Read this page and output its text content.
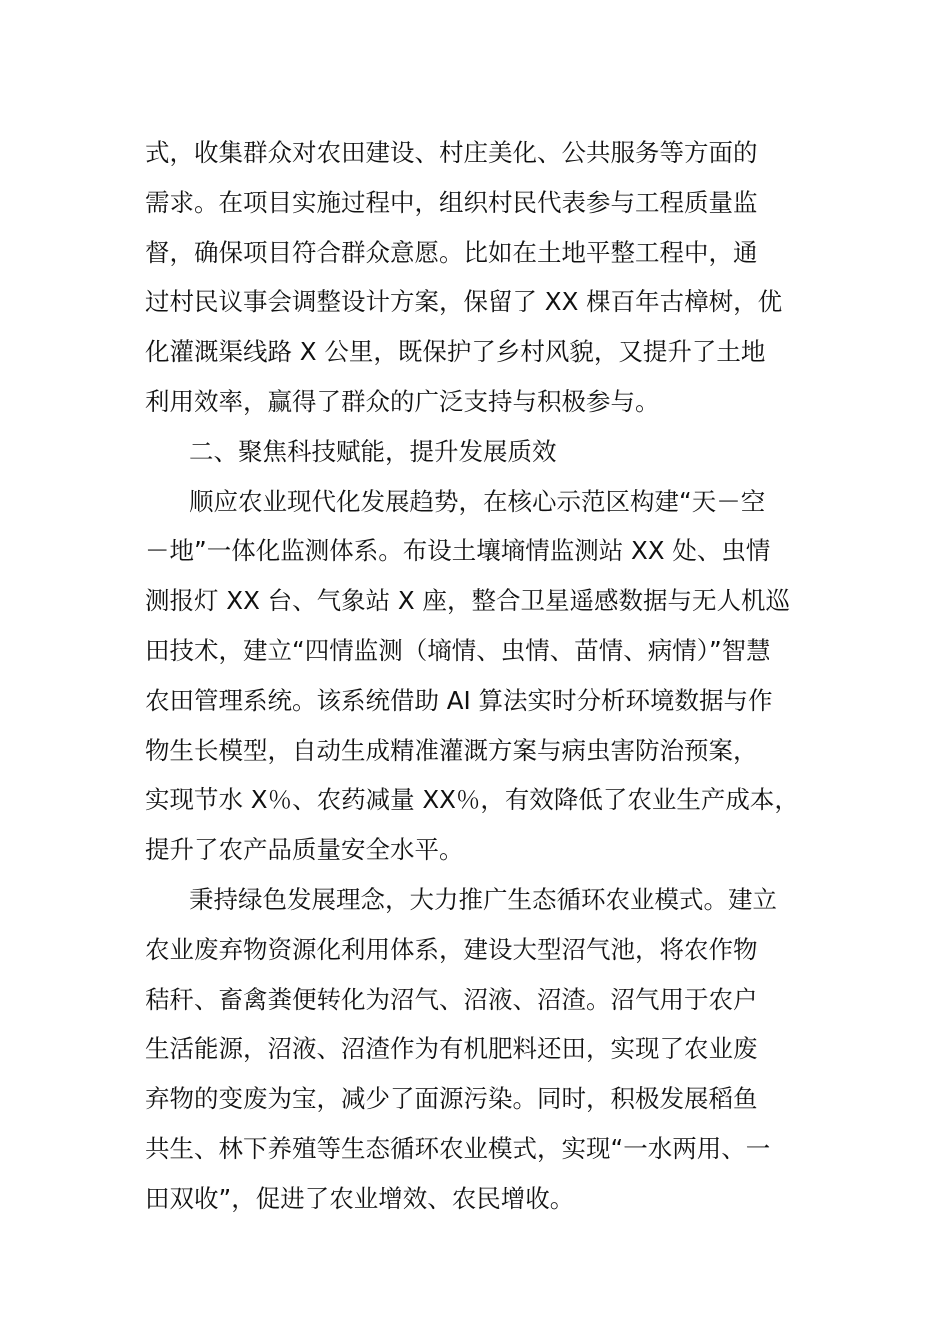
式，收集群众对农田建设、村庄美化、公共服务等方面的
需求。在项目实施过程中，组织村民代表参与工程质量监
督，确保项目符合群众意愿。比如在土地平整工程中，通
过村民议事会调整设计方案，保留了 XX 棵百年古樟树，优
化灌溉渠线路 X 公里，既保护了乡村风貌，又提升了土地
利用效率，赢得了群众的广泛支持与积极参与。
二、聚焦科技赋能，提升发展质效
顺应农业现代化发展趋势，在核心示范区构建“天－空
－地”一体化监测体系。布设土壤墒情监测站 XX 处、虫情
测报灯 XX 台、气象站 X 座，整合卫星遥感数据与无人机巡
田技术，建立“四情监测（墒情、虫情、苗情、病情）”智慧
农田管理系统。该系统借助 AI 算法实时分析环境数据与作
物生长模型，自动生成精准灌溉方案与病虫害防治预案，
实现节水 X％、农药减量 XX％，有效降低了农业生产成本，
提升了农产品质量安全水平。
秉持绿色发展理念，大力推广生态循环农业模式。建立
农业废弃物资源化利用体系，建设大型沼气池，将农作物
秸秆、畜禽粪便转化为沼气、沼液、沼渣。沼气用于农户
生活能源，沼液、沼渣作为有机肥料还田，实现了农业废
弃物的变废为宝，减少了面源污染。同时，积极发展稻鱼
共生、林下养殖等生态循环农业模式，实现“一水两用、一
田双收”，促进了农业增效、农民增收。
